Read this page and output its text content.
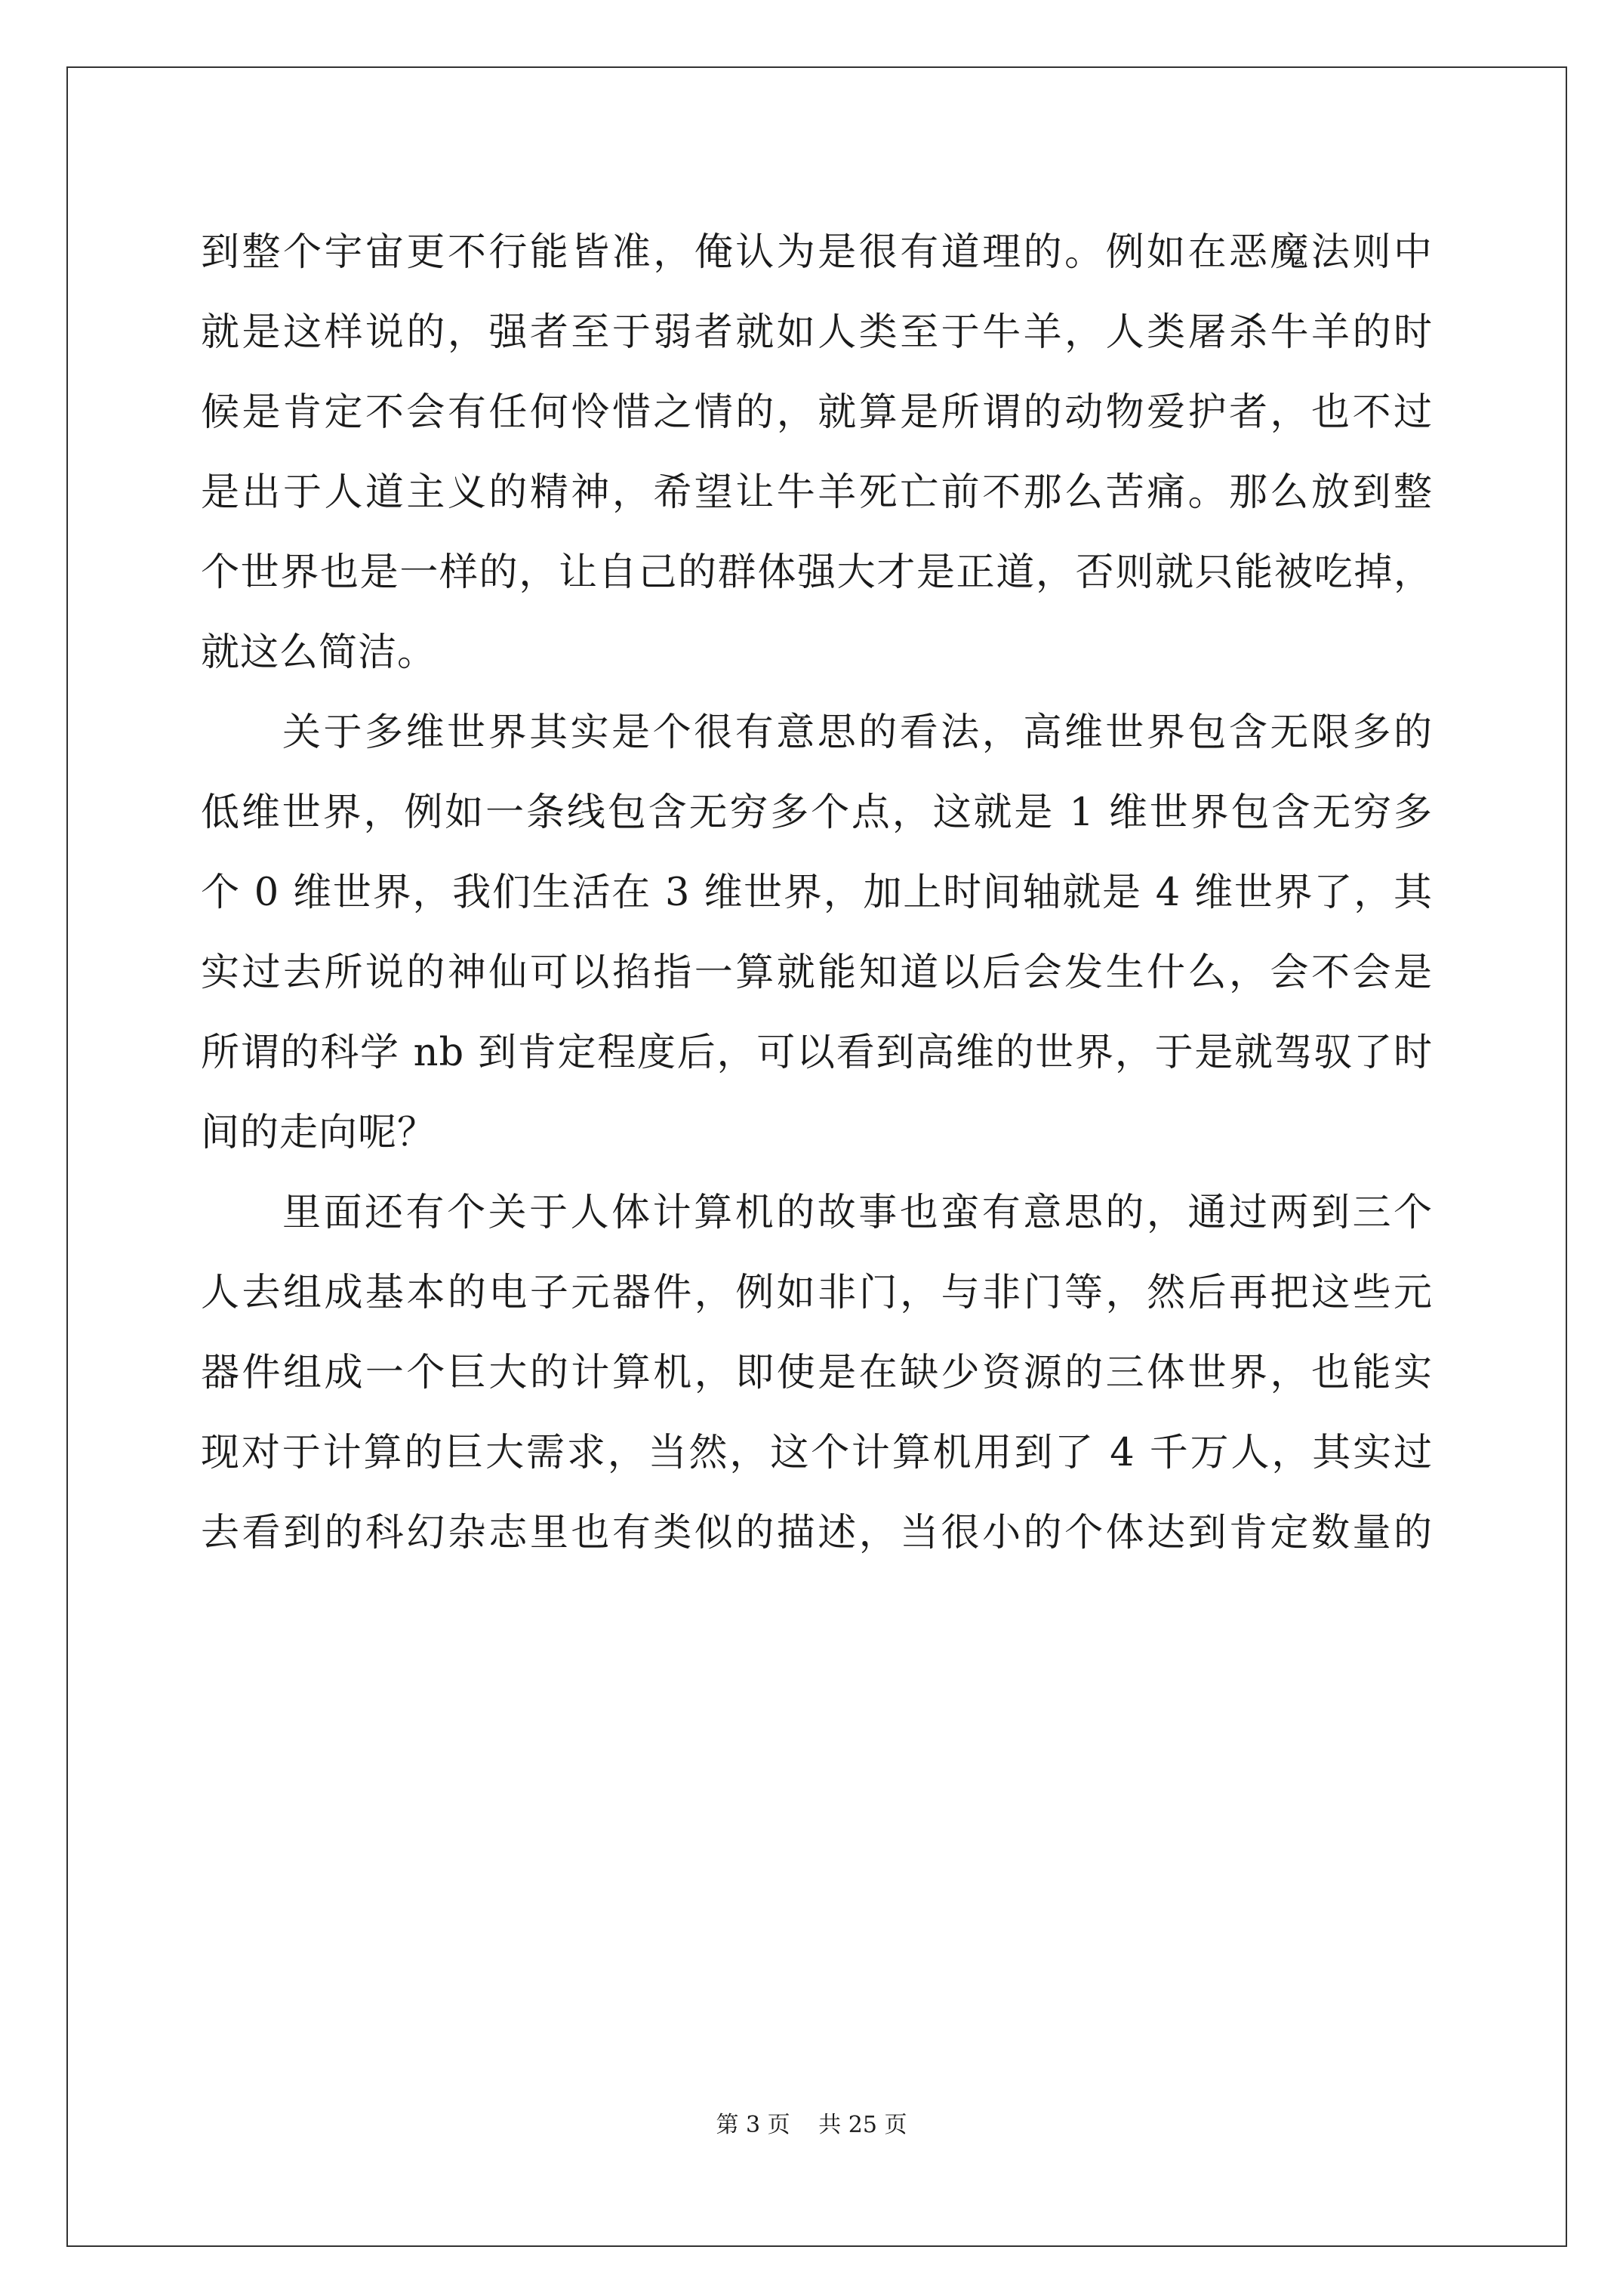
到整个宇宙更不行能皆准，俺认为是很有道理的。例如在恶魔法则中
就是这样说的，强者至于弱者就如人类至于牛羊，人类屠杀牛羊的时
候是肯定不会有任何怜惜之情的，就算是所谓的动物爱护者，也不过
是出于人道主义的精神，希望让牛羊死亡前不那么苦痛。那么放到整
个世界也是一样的，让自己的群体强大才是正道，否则就只能被吃掉，
就这么简洁。
关于多维世界其实是个很有意思的看法，高维世界包含无限多的
低维世界，例如一条线包含无穷多个点，这就是 1 维世界包含无穷多
个 0 维世界，我们生活在 3 维世界，加上时间轴就是 4 维世界了，其
实过去所说的神仙可以掐指一算就能知道以后会发生什么，会不会是
所谓的科学 nb 到肯定程度后，可以看到高维的世界，于是就驾驭了时
间的走向呢？
里面还有个关于人体计算机的故事也蛮有意思的，通过两到三个
人去组成基本的电子元器件，例如非门，与非门等，然后再把这些元
器件组成一个巨大的计算机，即使是在缺少资源的三体世界，也能实
现对于计算的巨大需求，当然，这个计算机用到了 4 千万人，其实过
去看到的科幻杂志里也有类似的描述，当很小的个体达到肯定数量的
第 3 页 共 25 页
